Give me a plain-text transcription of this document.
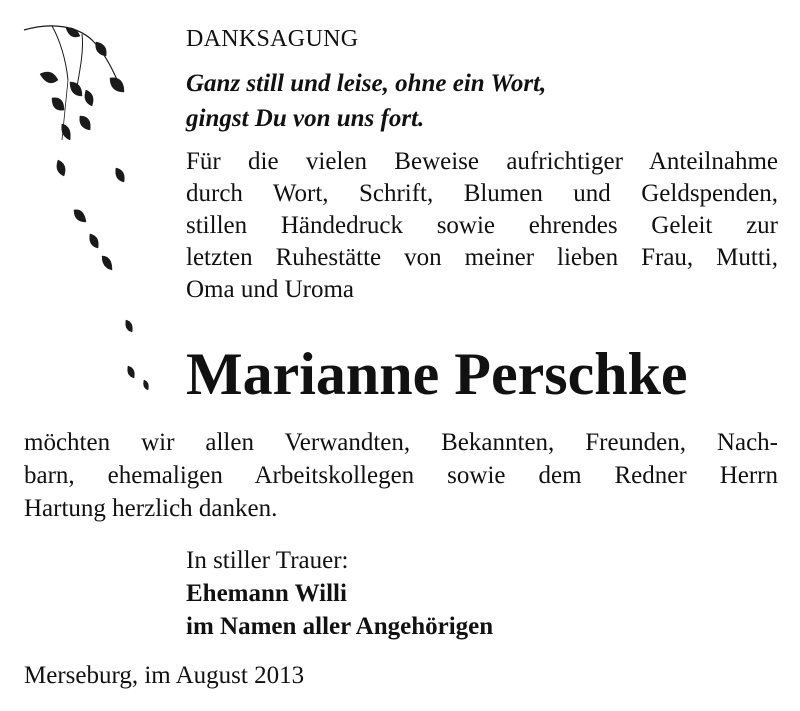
DANKSAGUNG
Ganz still und leise, ohne ein Wort,
gingst Du von uns fort.
Für die vielen Beweise aufrichtiger Anteilnahme
durch Wort, Schrift, Blumen und Geldspenden,
stillen Händedruck sowie ehrendes Geleit zur
letzten Ruhestätte von meiner lieben Frau, Mutti,
Oma und Uroma
Marianne Perschke
möchten wir allen Verwandten, Bekannten, Freunden, Nach-
barn, ehemaligen Arbeitskollegen sowie dem Redner Herrn
Hartung herzlich danken.
In stiller Trauer:
Ehemann Willi
im Namen aller Angehörigen
Merseburg, im August 2013
